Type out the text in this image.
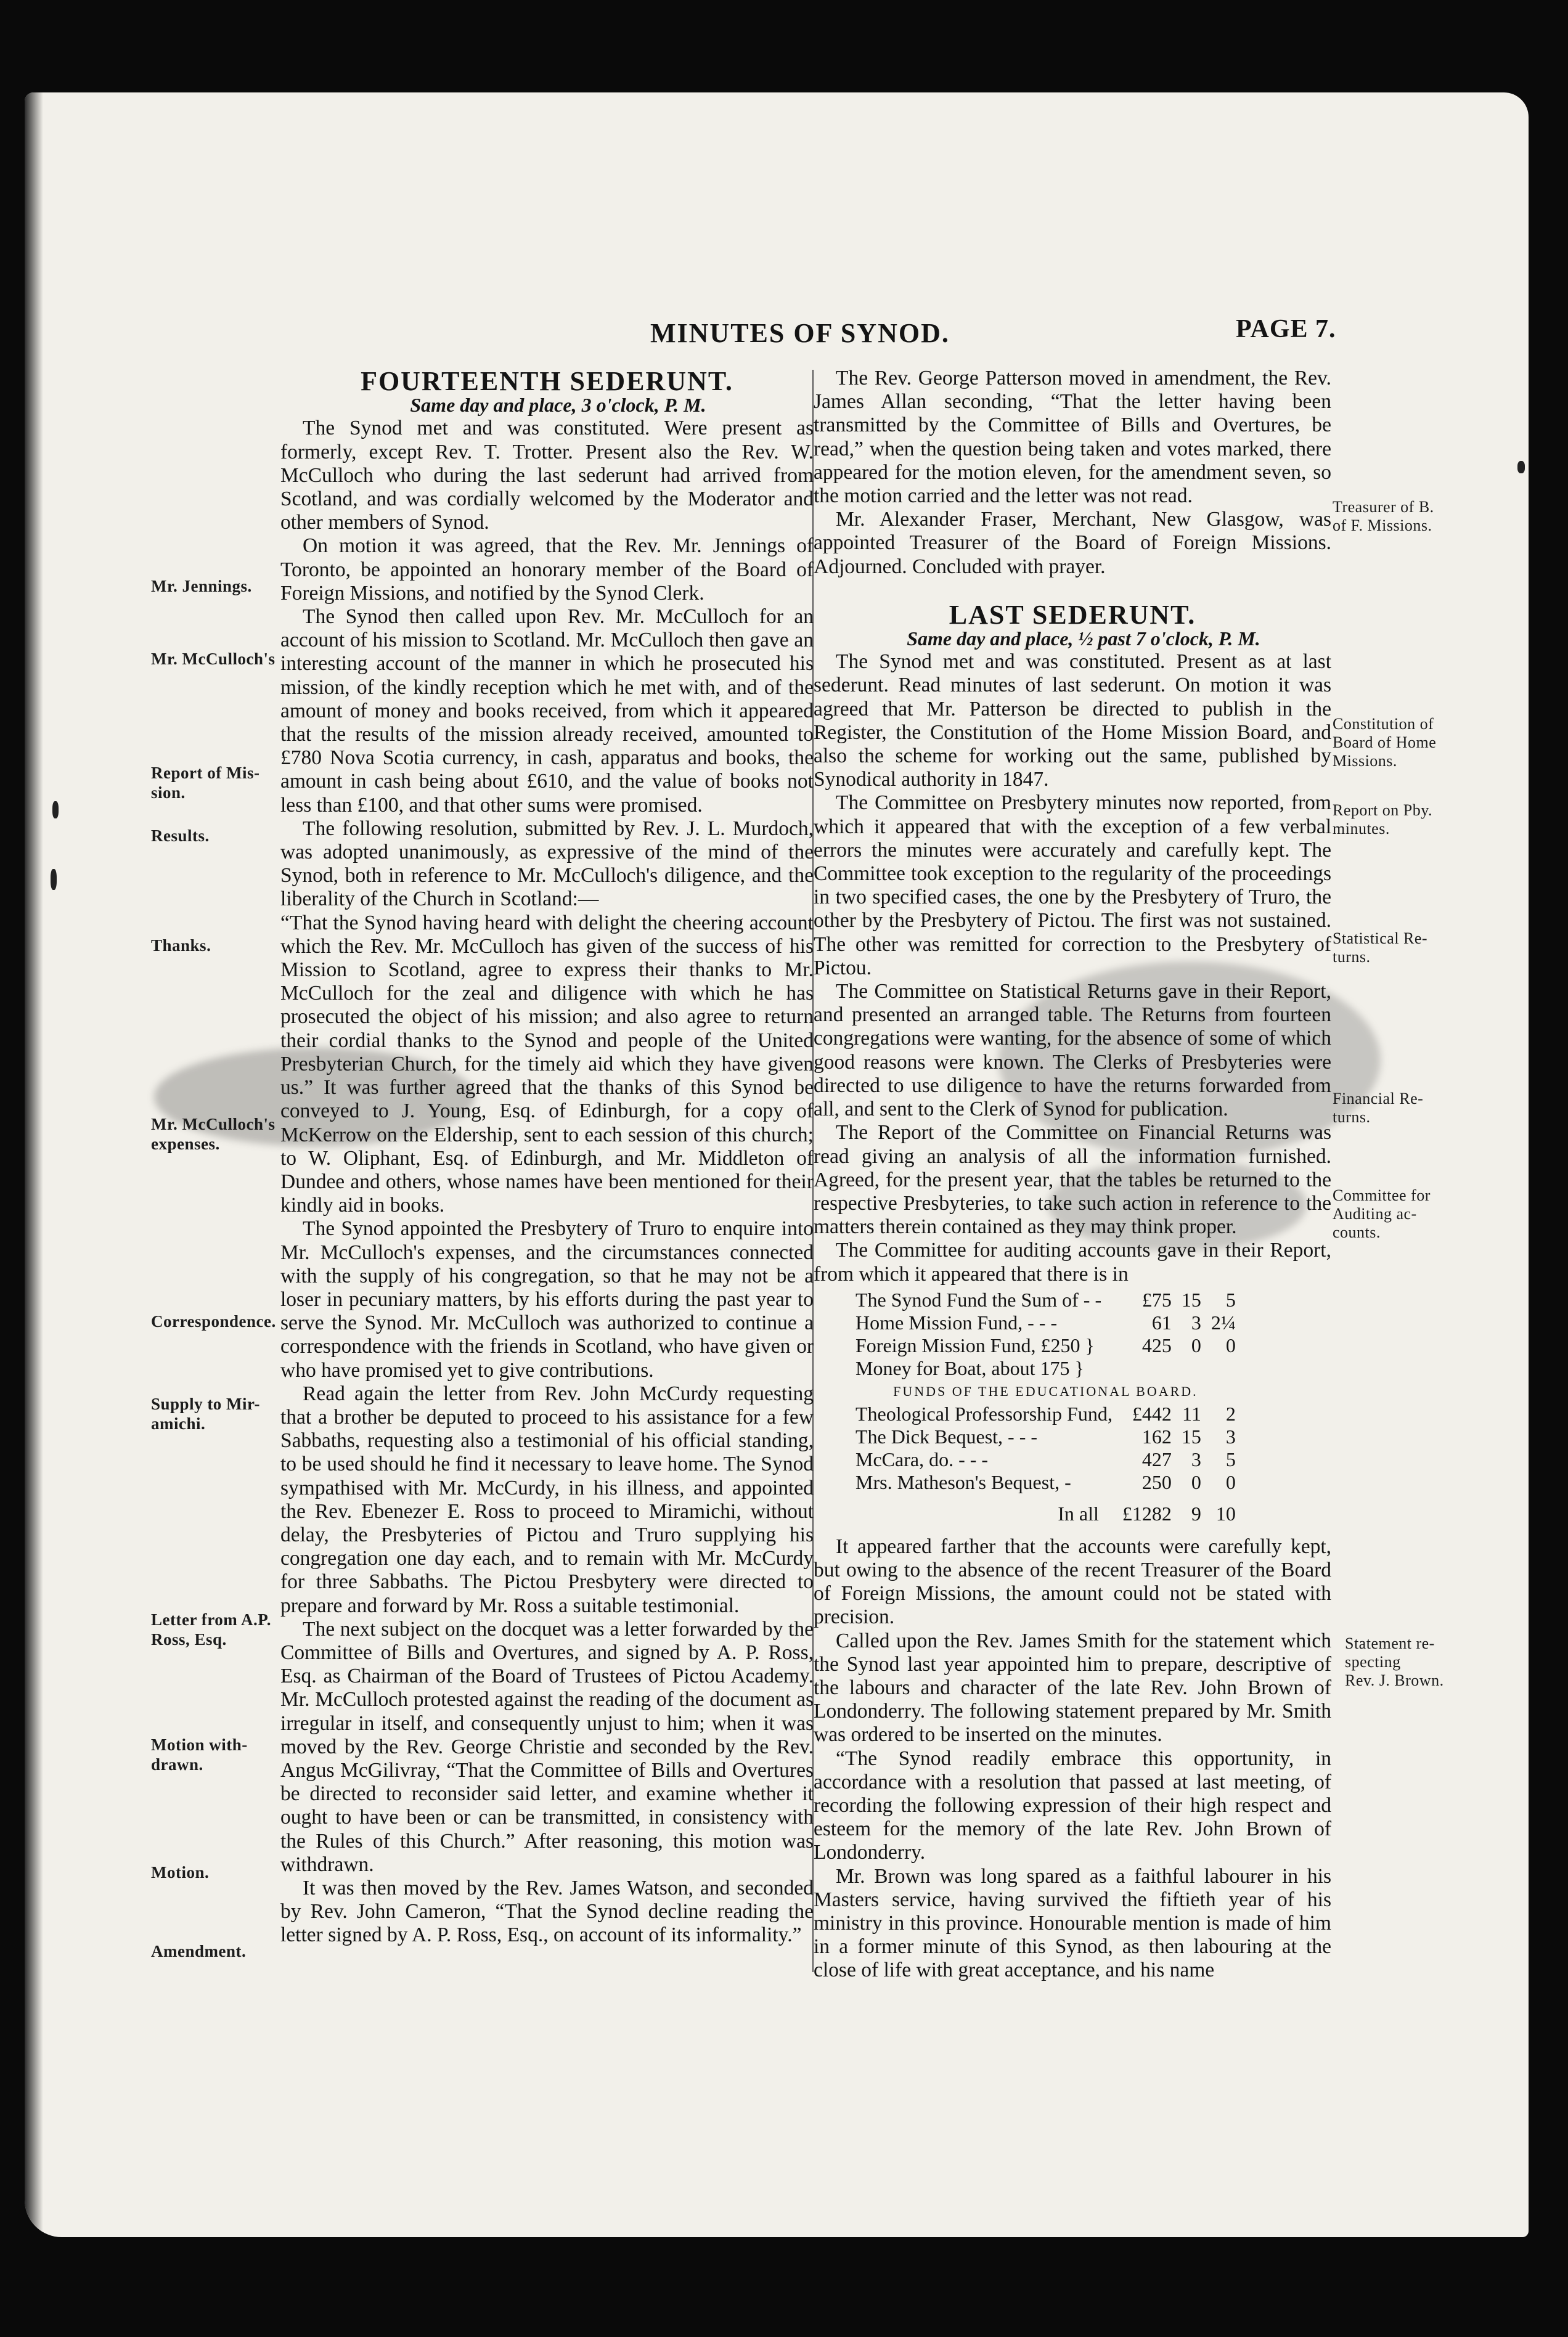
MINUTES OF SYNOD.	PAGE 7.

FOURTEENTH SEDERUNT.

Same day and place, 3 o'clock, P. M.

The Synod met and was constituted. Were present as formerly, except Rev. T. Trotter. Present also the Rev. W. McCulloch who during the last sederunt had arrived from Scotland, and was cordially welcomed by the Moderator and other members of Synod.

On motion it was agreed, that the Rev. Mr. Jennings of Toronto, be appointed an honorary member of the Board of Foreign Missions, and notified by the Synod Clerk.

The Synod then called upon Rev. Mr. McCulloch for an account of his mission to Scotland. Mr. McCulloch then gave an interesting account of the manner in which he prosecuted his mission, of the kindly reception which he met with, and of the amount of money and books received, from which it appeared that the results of the mission already received, amounted to £780 Nova Scotia currency, in cash, apparatus and books, the amount in cash being about £610, and the value of books not less than £100, and that other sums were promised.

The following resolution, submitted by Rev. J. L. Murdoch, was adopted unanimously, as expressive of the mind of the Synod, both in reference to Mr. McCulloch's diligence, and the liberality of the Church in Scotland:—

“That the Synod having heard with delight the cheering account which the Rev. Mr. McCulloch has given of the success of his Mission to Scotland, agree to express their thanks to Mr. McCulloch for the zeal and diligence with which he has prosecuted the object of his mission; and also agree to return their cordial thanks to the Synod and people of the United Presbyterian Church, for the timely aid which they have given us.” It was further agreed that the thanks of this Synod be conveyed to J. Young, Esq. of Edinburgh, for a copy of McKerrow on the Eldership, sent to each session of this church; to W. Oliphant, Esq. of Edinburgh, and Mr. Middleton of Dundee and others, whose names have been mentioned for their kindly aid in books.

The Synod appointed the Presbytery of Truro to enquire into Mr. McCulloch's expenses, and the circumstances connected with the supply of his congregation, so that he may not be a loser in pecuniary matters, by his efforts during the past year to serve the Synod. Mr. McCulloch was authorized to continue a correspondence with the friends in Scotland, who have given or who have promised yet to give contributions.

Read again the letter from Rev. John McCurdy requesting that a brother be deputed to proceed to his assistance for a few Sabbaths, requesting also a testimonial of his official standing, to be used should he find it necessary to leave home. The Synod sympathised with Mr. McCurdy, in his illness, and appointed the Rev. Ebenezer E. Ross to proceed to Miramichi, without delay, the Presbyteries of Pictou and Truro supplying his congregation one day each, and to remain with Mr. McCurdy for three Sabbaths. The Pictou Presbytery were directed to prepare and forward by Mr. Ross a suitable testimonial.

The next subject on the docquet was a letter forwarded by the Committee of Bills and Overtures, and signed by A. P. Ross, Esq. as Chairman of the Board of Trustees of Pictou Academy. Mr. McCulloch protested against the reading of the document as irregular in itself, and consequently unjust to him; when it was moved by the Rev. George Christie and seconded by the Rev. Angus McGilivray, “That the Committee of Bills and Overtures be directed to reconsider said letter, and examine whether it ought to have been or can be transmitted, in consistency with the Rules of this Church.” After reasoning, this motion was withdrawn.

It was then moved by the Rev. James Watson, and seconded by Rev. John Cameron, “That the Synod decline reading the letter signed by A. P. Ross, Esq., on account of its informality.”

The Rev. George Patterson moved in amendment, the Rev. James Allan seconding, “That the letter having been transmitted by the Committee of Bills and Overtures, be read,” when the question being taken and votes marked, there appeared for the motion eleven, for the amendment seven, so the motion carried and the letter was not read.

Mr. Alexander Fraser, Merchant, New Glasgow, was appointed Treasurer of the Board of Foreign Missions. Adjourned. Concluded with prayer.

LAST SEDERUNT.

Same day and place, ½ past 7 o'clock, P. M.

The Synod met and was constituted. Present as at last sederunt. Read minutes of last sederunt. On motion it was agreed that Mr. Patterson be directed to publish in the Register, the Constitution of the Home Mission Board, and also the scheme for working out the same, published by Synodical authority in 1847.

The Committee on Presbytery minutes now reported, from which it appeared that with the exception of a few verbal errors the minutes were accurately and carefully kept. The Committee took exception to the regularity of the proceedings in two specified cases, the one by the Presbytery of Truro, the other by the Presbytery of Pictou. The first was not sustained. The other was remitted for correction to the Presbytery of Pictou.

The Committee on Statistical Returns gave in their Report, and presented an arranged table. The Returns from fourteen congregations were wanting, for the absence of some of which good reasons were known. The Clerks of Presbyteries were directed to use diligence to have the returns forwarded from all, and sent to the Clerk of Synod for publication.

The Report of the Committee on Financial Returns was read giving an analysis of all the information furnished. Agreed, for the present year, that the tables be returned to the respective Presbyteries, to take such action in reference to the matters therein contained as they may think proper.

The Committee for auditing accounts gave in their Report, from which it appeared that there is in

The Synod Fund the Sum of - -	£75	15	5
Home Mission Fund, - - -	61	3	2¼
Foreign Mission Fund, £250 }	425	0	0
Money for Boat, about 175 }			
FUNDS OF THE EDUCATIONAL BOARD.			
Theological Professorship Fund,	£442	11	2
The Dick Bequest, - - -	162	15	3
McCara, do. - - -	427	3	5
Mrs. Matheson's Bequest, -	250	0	0
In all	£1282	9	10

It appeared farther that the accounts were carefully kept, but owing to the absence of the recent Treasurer of the Board of Foreign Missions, the amount could not be stated with precision.

Called upon the Rev. James Smith for the statement which the Synod last year appointed him to prepare, descriptive of the labours and character of the late Rev. John Brown of Londonderry. The following statement prepared by Mr. Smith was ordered to be inserted on the minutes.

“The Synod readily embrace this opportunity, in accordance with a resolution that passed at last meeting, of recording the following expression of their high respect and esteem for the memory of the late Rev. John Brown of Londonderry.

Mr. Brown was long spared as a faithful labourer in his Masters service, having survived the fiftieth year of his ministry in this province. Honourable mention is made of him in a former minute of this Synod, as then labouring at the close of life with great acceptance, and his name

Mr. Jennings.
Mr. McCulloch's
Report of Mis-
sion.
Results.
Thanks.
Mr. McCulloch's
expenses.
Correspondence.
Supply to Mir-
amichi.
Letter from A.P.
Ross, Esq.
Motion with-
drawn.
Motion.
Amendment.
Treasurer of B.
of F. Missions.
Constitution of
Board of Home
Missions.
Report on Pby.
minutes.
Statistical Re-
turns.
Financial Re-
turns.
Committee for
Auditing ac-
counts.
Statement re-
specting
Rev. J. Brown.
